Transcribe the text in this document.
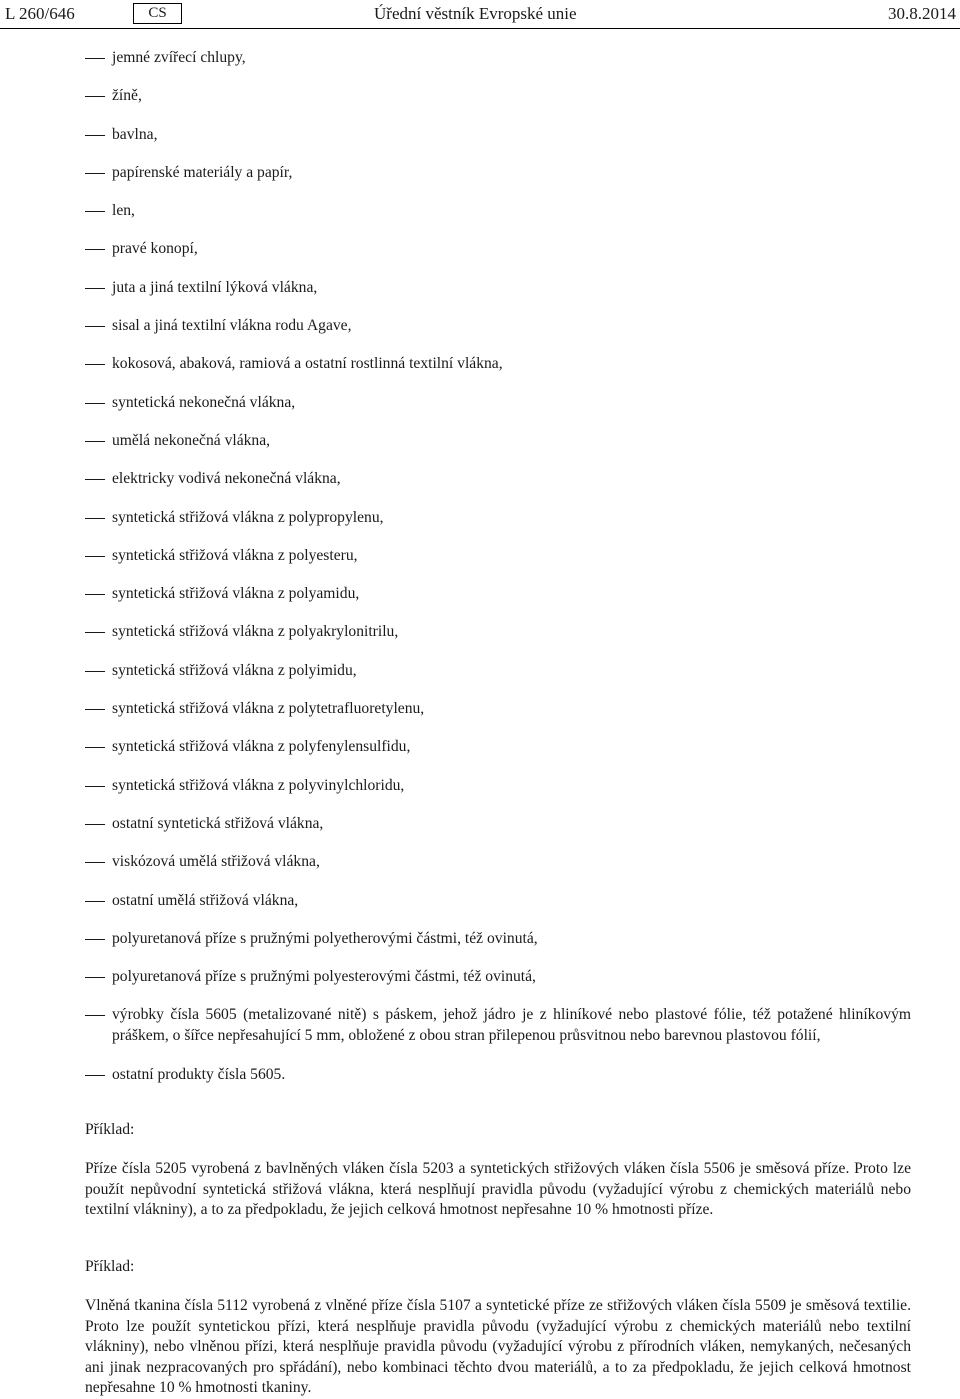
L 260/646	CS	Úřední věstník Evropské unie	30.8.2014
jemné zvířecí chlupy,
žíně,
bavlna,
papírenské materiály a papír,
len,
pravé konopí,
juta a jiná textilní lýková vlákna,
sisal a jiná textilní vlákna rodu Agave,
kokosová, abaková, ramiová a ostatní rostlinná textilní vlákna,
syntetická nekonečná vlákna,
umělá nekonečná vlákna,
elektricky vodivá nekonečná vlákna,
syntetická střižová vlákna z polypropylenu,
syntetická střižová vlákna z polyesteru,
syntetická střižová vlákna z polyamidu,
syntetická střižová vlákna z polyakrylonitrilu,
syntetická střižová vlákna z polyimidu,
syntetická střižová vlákna z polytetrafluoretylenu,
syntetická střižová vlákna z polyfenylensulfidu,
syntetická střižová vlákna z polyvinylchloridu,
ostatní syntetická střižová vlákna,
viskózová umělá střižová vlákna,
ostatní umělá střižová vlákna,
polyuretanová příze s pružnými polyetherovými částmi, též ovinutá,
polyuretanová příze s pružnými polyesterovými částmi, též ovinutá,
výrobky čísla 5605 (metalizované nitě) s páskem, jehož jádro je z hliníkové nebo plastové fólie, též potažené hliníkovým práškem, o šířce nepřesahující 5 mm, obložené z obou stran přilepenou průsvitnou nebo barevnou plastovou fólií,
ostatní produkty čísla 5605.
Příklad:
Příze čísla 5205 vyrobená z bavlněných vláken čísla 5203 a syntetických střižových vláken čísla 5506 je směsová příze. Proto lze použít nepůvodní syntetická střižová vlákna, která nesplňují pravidla původu (vyžadující výrobu z chemických materiálů nebo textilní vlákniny), a to za předpokladu, že jejich celková hmotnost nepřesahne 10 % hmotnosti příze.
Příklad:
Vlněná tkanina čísla 5112 vyrobená z vlněné příze čísla 5107 a syntetické příze ze střižových vláken čísla 5509 je směsová textilie. Proto lze použít syntetickou přízi, která nesplňuje pravidla původu (vyžadující výrobu z chemických materiálů nebo textilní vlákniny), nebo vlněnou přízi, která nesplňuje pravidla původu (vyžadující výrobu z přírodních vláken, nemykaných, nečesaných ani jinak nezpracovaných pro spřádání), nebo kombinaci těchto dvou materiálů, a to za předpokladu, že jejich celková hmotnost nepřesahne 10 % hmotnosti tkaniny.
